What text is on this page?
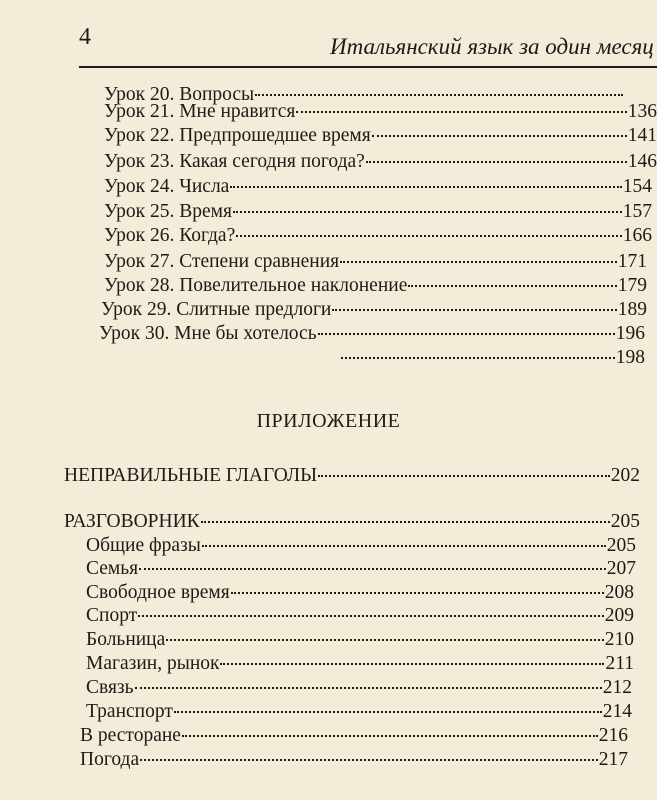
4	Итальянский язык за один месяц
Урок 20. Вопросы
Урок 21. Мне нравится	136
Урок 22. Предпрошедшее время	141
Урок 23. Какая сегодня погода?	146
Урок 24. Числа	154
Урок 25. Время	157
Урок 26. Когда?	166
Урок 27. Степени сравнения	171
Урок 28. Повелительное наклонение	179
Урок 29. Слитные предлоги	189
Урок 30. Мне бы хотелось	196
198
ПРИЛОЖЕНИЕ
НЕПРАВИЛЬНЫЕ ГЛАГОЛЫ	202
РАЗГОВОРНИК	205
Общие фразы	205
Семья	207
Свободное время	208
Спорт	209
Больница	210
Магазин, рынок	211
Связь	212
Транспорт	214
В ресторане	216
Погода	217
